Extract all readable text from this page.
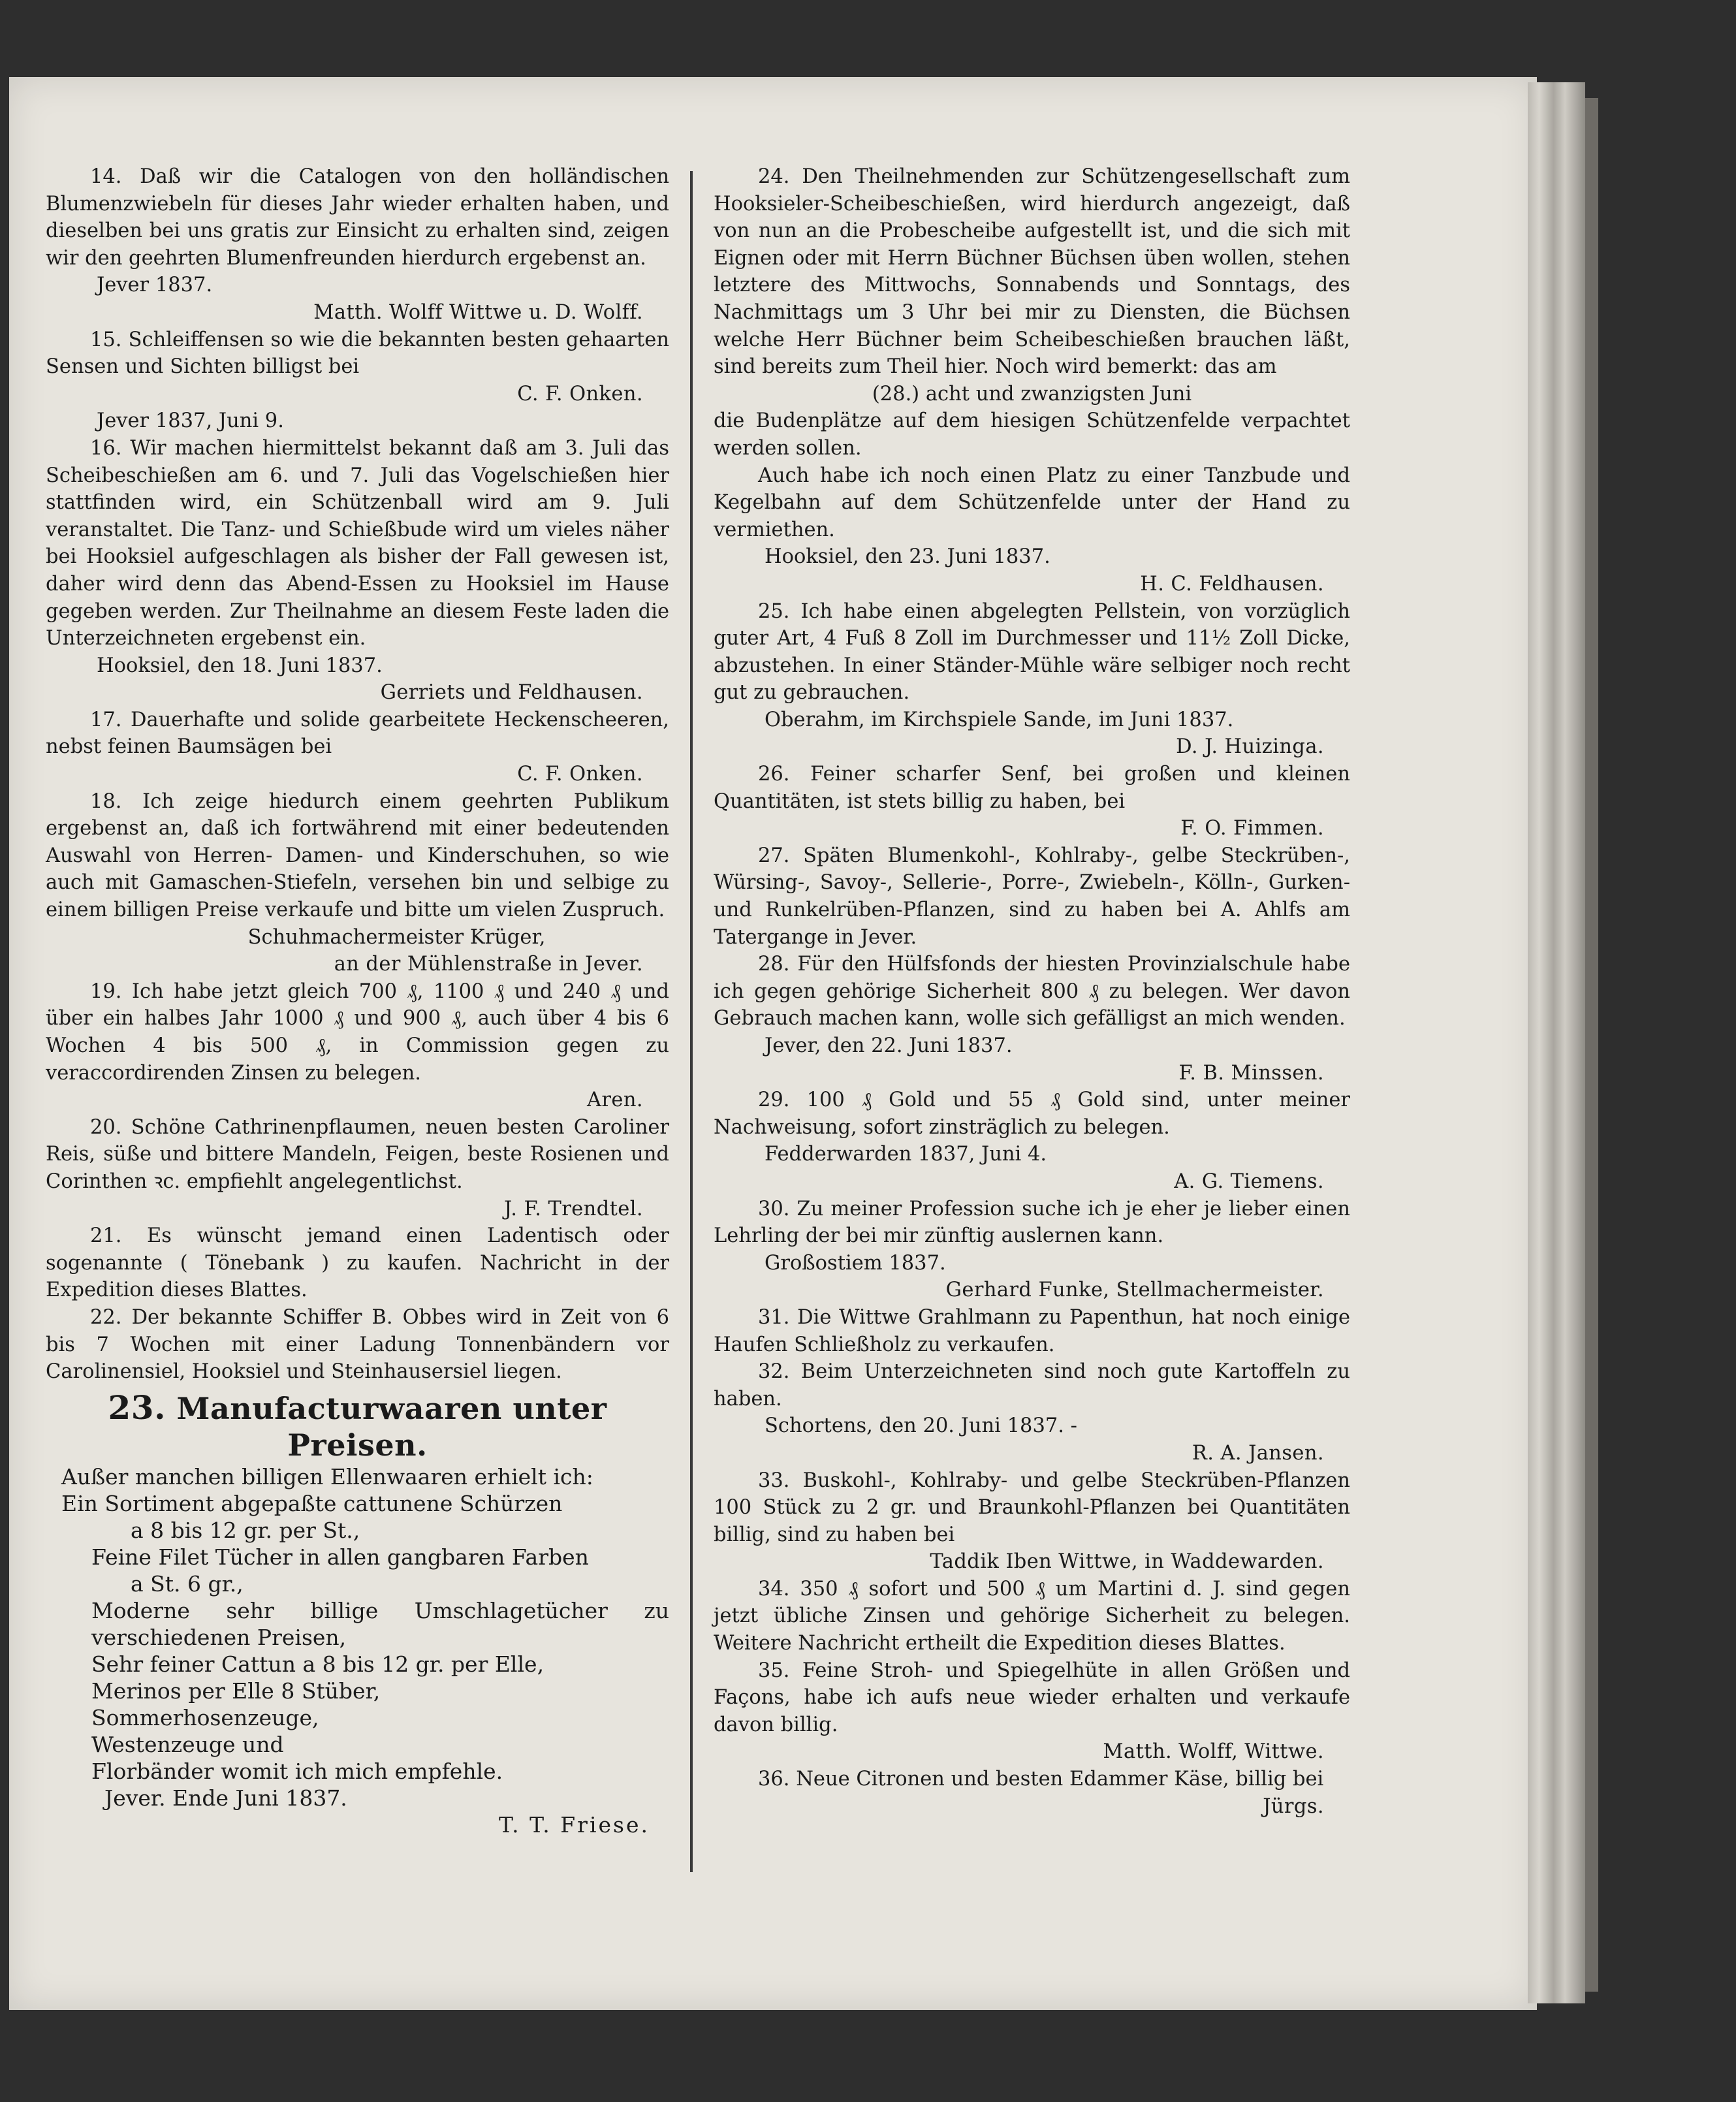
14. Daß wir die Catalogen von den holländischen Blumenzwiebeln für dieses Jahr wieder erhalten haben, und dieselben bei uns gratis zur Einsicht zu erhalten sind, zeigen wir den geehrten Blumenfreunden hierdurch ergebenst an.

Jever 1837.

Matth. Wolff Wittwe u. D. Wolff.

15. Schleiffensen so wie die bekannten besten gehaarten Sensen und Sichten billigst bei

C. F. Onken.

Jever 1837, Juni 9.

16. Wir machen hiermittelst bekannt daß am 3. Juli das Scheibeschießen am 6. und 7. Juli das Vogelschießen hier stattfinden wird, ein Schützenball wird am 9. Juli veranstaltet. Die Tanz- und Schießbude wird um vieles näher bei Hooksiel aufgeschlagen als bisher der Fall gewesen ist, daher wird denn das Abend-Essen zu Hooksiel im Hause gegeben werden. Zur Theilnahme an diesem Feste laden die Unterzeichneten ergebenst ein.

Hooksiel, den 18. Juni 1837.

Gerriets und Feldhausen.

17. Dauerhafte und solide gearbeitete Heckenscheeren, nebst feinen Baumsägen bei

C. F. Onken.

18. Ich zeige hiedurch einem geehrten Publikum ergebenst an, daß ich fortwährend mit einer bedeutenden Auswahl von Herren- Damen- und Kinderschuhen, so wie auch mit Gamaschen-Stiefeln, versehen bin und selbige zu einem billigen Preise verkaufe und bitte um vielen Zuspruch.

Schuhmachermeister Krüger,

an der Mühlenstraße in Jever.

19. Ich habe jetzt gleich 700 ₰, 1100 ₰ und 240 ₰ und über ein halbes Jahr 1000 ₰ und 900 ₰, auch über 4 bis 6 Wochen 4 bis 500 ₰, in Commission gegen zu veraccordirenden Zinsen zu belegen.

Aren.

20. Schöne Cathrinenpflaumen, neuen besten Caroliner Reis, süße und bittere Mandeln, Feigen, beste Rosienen und Corinthen ꝛc. empfiehlt angelegentlichst.

J. F. Trendtel.

21. Es wünscht jemand einen Ladentisch oder sogenannte ( Tönebank ) zu kaufen. Nachricht in der Expedition dieses Blattes.

22. Der bekannte Schiffer B. Obbes wird in Zeit von 6 bis 7 Wochen mit einer Ladung Tonnenbändern vor Carolinensiel, Hooksiel und Steinhausersiel liegen.

23. Manufacturwaaren unter Preisen.

Außer manchen billigen Ellenwaaren erhielt ich:

Ein Sortiment abgepaßte cattunene Schürzen

a 8 bis 12 gr. per St.,

Feine Filet Tücher in allen gangbaren Farben

a St. 6 gr.,

Moderne sehr billige Umschlagetücher zu verschiedenen Preisen,

Sehr feiner Cattun a 8 bis 12 gr. per Elle,

Merinos per Elle 8 Stüber,

Sommerhosenzeuge,

Westenzeuge und

Florbänder womit ich mich empfehle.

Jever. Ende Juni 1837.

T. T. Friese.

24. Den Theilnehmenden zur Schützengesellschaft zum Hooksieler-Scheibeschießen, wird hierdurch angezeigt, daß von nun an die Probescheibe aufgestellt ist, und die sich mit Eignen oder mit Herrn Büchner Büchsen üben wollen, stehen letztere des Mittwochs, Sonnabends und Sonntags, des Nachmittags um 3 Uhr bei mir zu Diensten, die Büchsen welche Herr Büchner beim Scheibeschießen brauchen läßt, sind bereits zum Theil hier. Noch wird bemerkt: das am

(28.) acht und zwanzigsten Juni

die Budenplätze auf dem hiesigen Schützenfelde verpachtet werden sollen.

Auch habe ich noch einen Platz zu einer Tanzbude und Kegelbahn auf dem Schützenfelde unter der Hand zu vermiethen.

Hooksiel, den 23. Juni 1837.

H. C. Feldhausen.

25. Ich habe einen abgelegten Pellstein, von vorzüglich guter Art, 4 Fuß 8 Zoll im Durchmesser und 11½ Zoll Dicke, abzustehen. In einer Ständer-Mühle wäre selbiger noch recht gut zu gebrauchen.

Oberahm, im Kirchspiele Sande, im Juni 1837.

D. J. Huizinga.

26. Feiner scharfer Senf, bei großen und kleinen Quantitäten, ist stets billig zu haben, bei

F. O. Fimmen.

27. Späten Blumenkohl-, Kohlraby-, gelbe Steckrüben-, Würsing-, Savoy-, Sellerie-, Porre-, Zwiebeln-, Kölln-, Gurken- und Runkelrüben-Pflanzen, sind zu haben bei A. Ahlfs am Tatergange in Jever.

28. Für den Hülfsfonds der hiesten Provinzialschule habe ich gegen gehörige Sicherheit 800 ₰ zu belegen. Wer davon Gebrauch machen kann, wolle sich gefälligst an mich wenden.

Jever, den 22. Juni 1837.

F. B. Minssen.

29. 100 ₰ Gold und 55 ₰ Gold sind, unter meiner Nachweisung, sofort zinsträglich zu belegen.

Fedderwarden 1837, Juni 4.

A. G. Tiemens.

30. Zu meiner Profession suche ich je eher je lieber einen Lehrling der bei mir zünftig auslernen kann.

Großostiem 1837.

Gerhard Funke, Stellmachermeister.

31. Die Wittwe Grahlmann zu Papenthun, hat noch einige Haufen Schließholz zu verkaufen.

32. Beim Unterzeichneten sind noch gute Kartoffeln zu haben.

Schortens, den 20. Juni 1837. -

R. A. Jansen.

33. Buskohl-, Kohlraby- und gelbe Steckrüben-Pflanzen 100 Stück zu 2 gr. und Braunkohl-Pflanzen bei Quantitäten billig, sind zu haben bei

Taddik Iben Wittwe, in Waddewarden.

34. 350 ₰ sofort und 500 ₰ um Martini d. J. sind gegen jetzt übliche Zinsen und gehörige Sicherheit zu belegen. Weitere Nachricht ertheilt die Expedition dieses Blattes.

35. Feine Stroh- und Spiegelhüte in allen Größen und Façons, habe ich aufs neue wieder erhalten und verkaufe davon billig.

Matth. Wolff, Wittwe.

36. Neue Citronen und besten Edammer Käse, billig bei

Jürgs.
